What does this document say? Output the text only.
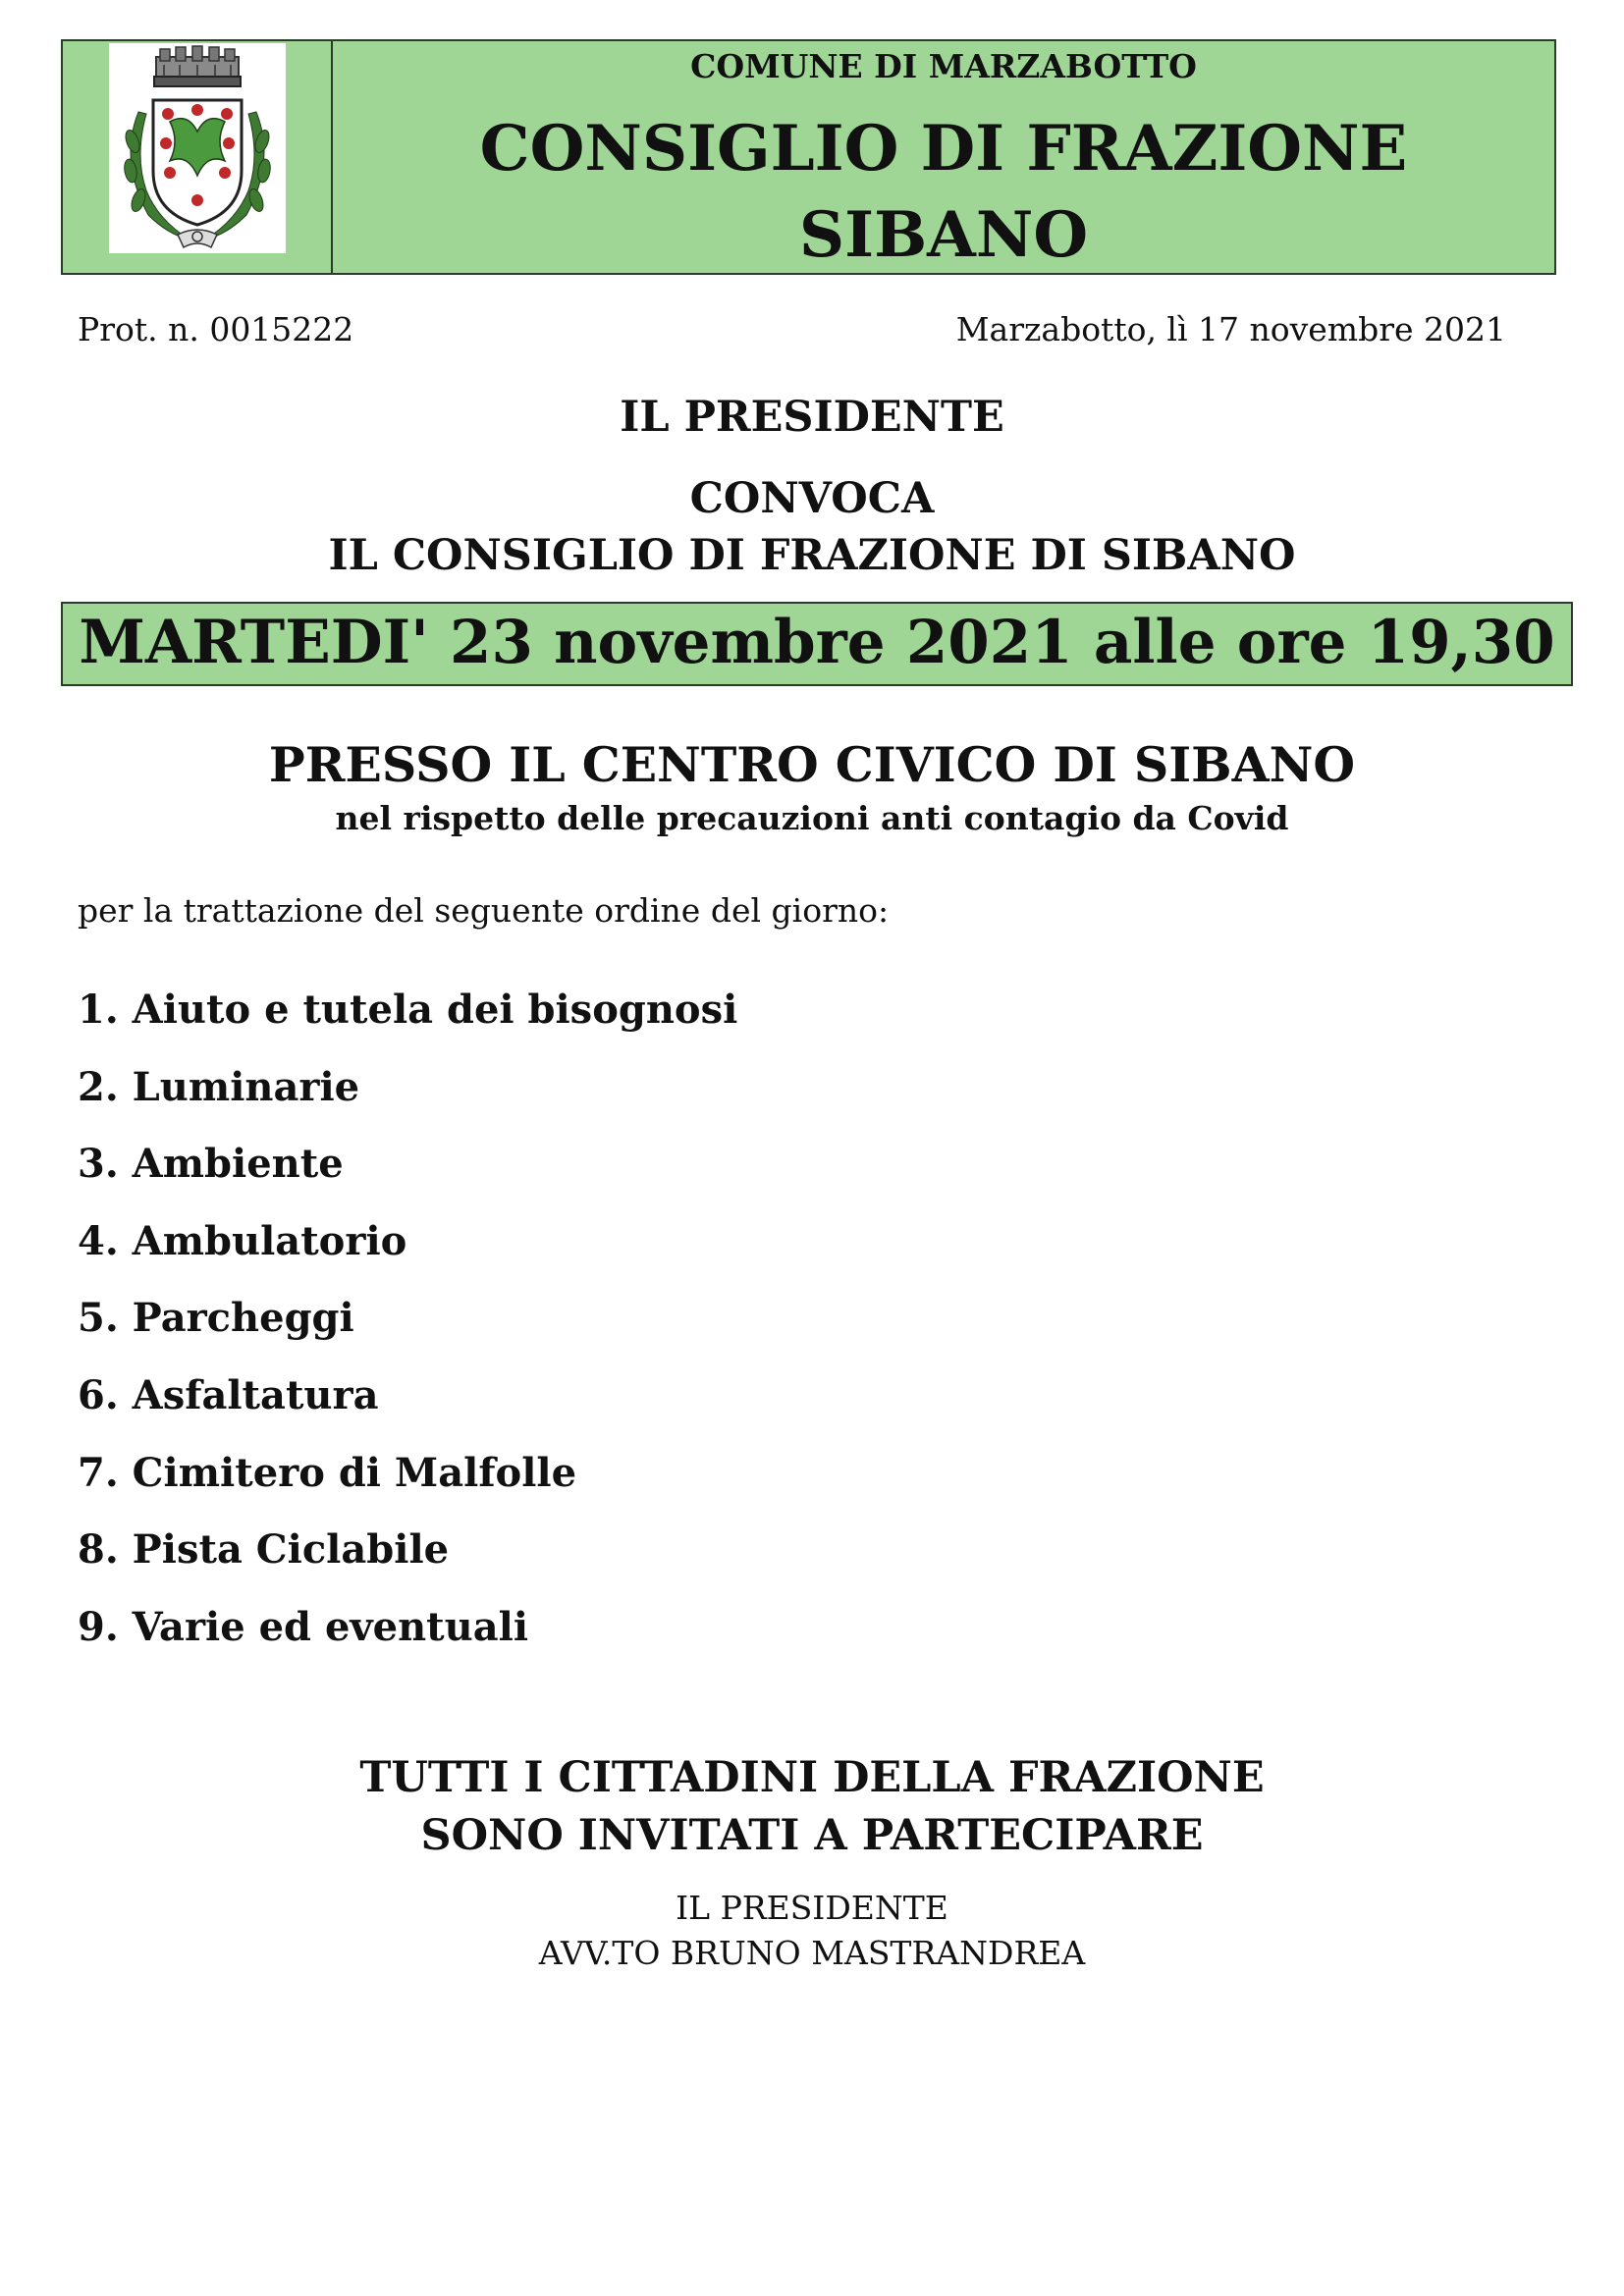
COMUNE DI MARZABOTTO
CONSIGLIO DI FRAZIONE
SIBANO
Prot. n. 0015222	Marzabotto, lì 17 novembre 2021
IL PRESIDENTE
CONVOCA
IL CONSIGLIO DI FRAZIONE DI SIBANO
MARTEDI' 23 novembre 2021 alle ore 19,30
PRESSO IL CENTRO CIVICO DI SIBANO
nel rispetto delle precauzioni anti contagio da Covid
per la trattazione del seguente ordine del giorno:
1. Aiuto e tutela dei bisognosi
2. Luminarie
3. Ambiente
4. Ambulatorio
5. Parcheggi
6. Asfaltatura
7. Cimitero di Malfolle
8. Pista Ciclabile
9. Varie ed eventuali
TUTTI I CITTADINI DELLA FRAZIONE
SONO INVITATI A PARTECIPARE
IL PRESIDENTE
AVV.TO BRUNO MASTRANDREA
